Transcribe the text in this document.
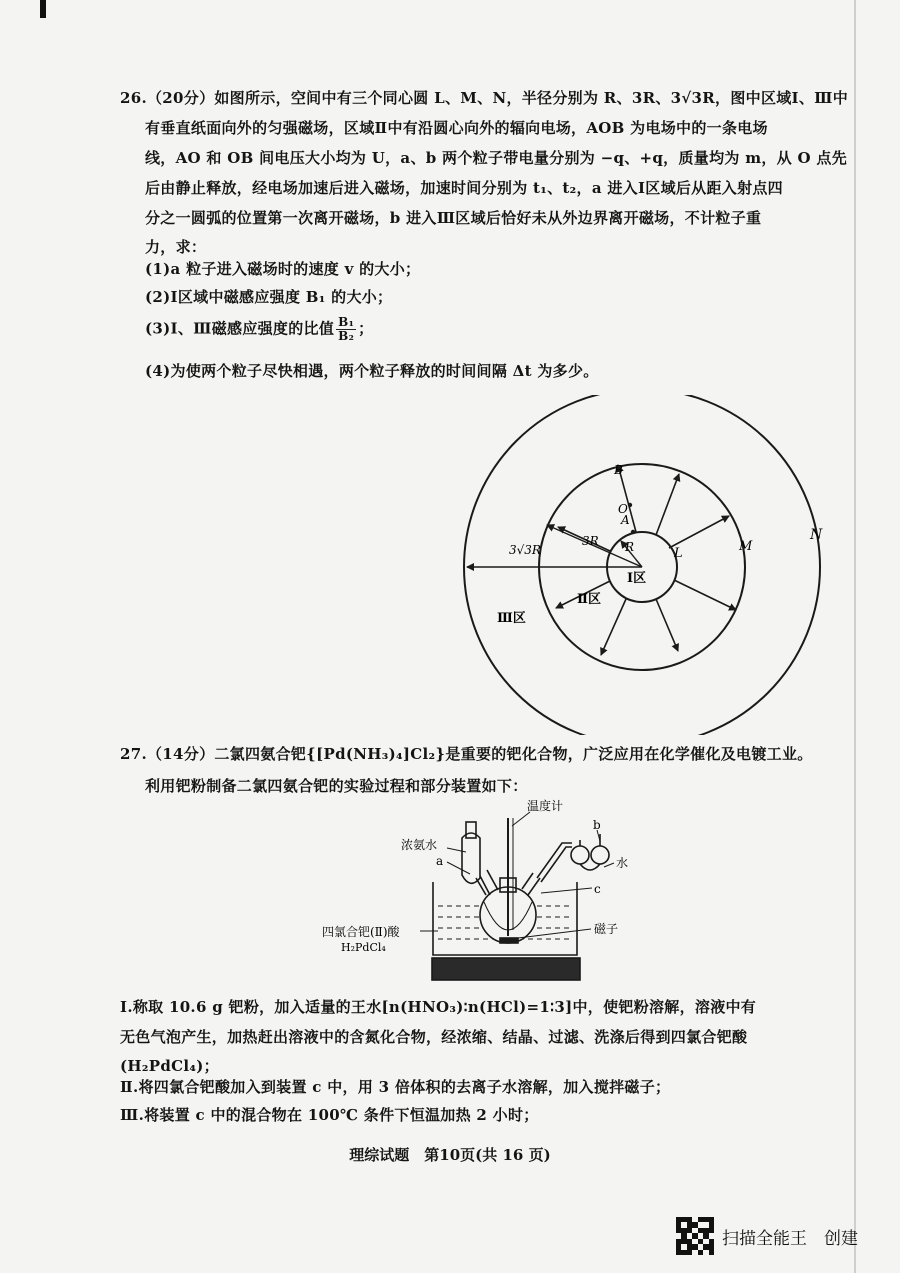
26.（20分）如图所示，空间中有三个同心圆 L、M、N，半径分别为 R、3R、3√3R，图中区域Ⅰ、Ⅲ中
有垂直纸面向外的匀强磁场，区域Ⅱ中有沿圆心向外的辐向电场，AOB 为电场中的一条电场
线，AO 和 OB 间电压大小均为 U，a、b 两个粒子带电量分别为 −q、+q，质量均为 m，从 O 点先
后由静止释放，经电场加速后进入磁场，加速时间分别为 t₁、t₂，a 进入Ⅰ区域后从距入射点四
分之一圆弧的位置第一次离开磁场，b 进入Ⅲ区域后恰好未从外边界离开磁场，不计粒子重
力，求：
(1)a 粒子进入磁场时的速度 v 的大小；
(2)Ⅰ区域中磁感应强度 B₁ 的大小；
(3)Ⅰ、Ⅲ磁感应强度的比值 $\frac{\text{B₁}}{\text{B₂}}$ ；
(4)为使两个粒子尽快相遇，两个粒子释放的时间间隔 Δt 为多少。
N
M
L
B
O
A
3R R
3√3R
Ⅰ区
Ⅱ区
Ⅲ区
27.（14分）二氯四氨合钯{[Pd(NH₃)₄]Cl₂}是重要的钯化合物，广泛应用在化学催化及电镀工业。
利用钯粉制备二氯四氨合钯的实验过程和部分装置如下：
温度计
浓氨水
a
b
水
c
磁子
四氯合钯(Ⅱ)酸
H₂PdCl₄
Ⅰ.称取 10.6 g 钯粉，加入适量的王水[n(HNO₃)∶n(HCl)=1∶3]中，使钯粉溶解，溶液中有
无色气泡产生，加热赶出溶液中的含氮化合物，经浓缩、结晶、过滤、洗涤后得到四氯合钯酸
(H₂PdCl₄)；
Ⅱ.将四氯合钯酸加入到装置 c 中，用 3 倍体积的去离子水溶解，加入搅拌磁子；
Ⅲ.将装置 c 中的混合物在 100℃ 条件下恒温加热 2 小时；
理综试题　第10页(共 16 页)
扫描全能王　创建
